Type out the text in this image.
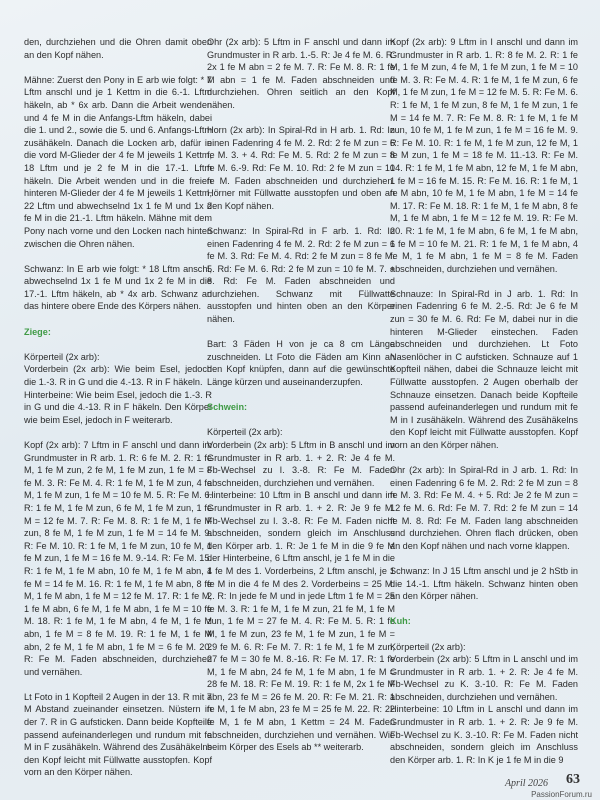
den, durchziehen und die Ohren damit oben an den Kopf nähen.

Mähne: Zuerst den Pony in E arb wie folgt: * 7 Lftm anschl und je 1 Kettm in die 6.-1. Lftm häkeln, ab * 6x arb. Dann die Arbeit wenden und 4 fe M in die Anfangs-Lftm häkeln, dabei die 1. und 2., sowie die 5. und 6. Anfangs-Lftm zusähäkeln. Danach die Locken arb, dafür in die vord M-Glieder der 4 fe M jeweils 1 Kettm, 18 Lftm und je 2 fe M in die 17.-1. Lftm häkeln. Die Arbeit wenden und in die freien hinteren M-Glieder der 4 fe M jeweils 1 Kettm, 22 Lftm und abwechselnd 1x 1 fe M und 1x 2 fe M in die 21.-1. Lftm häkeln. Mähne mit dem Pony nach vorne und den Locken nach hinten zwischen die Ohren nähen.

Schwanz: In E arb wie folgt: * 18 Lftm anschl, abwechselnd 1x 1 fe M und 1x 2 fe M in die 17.-1. Lftm häkeln, ab * 4x arb. Schwanz an das hintere obere Ende des Körpers nähen.

Ziege:

Körperteil (2x arb):

Vorderbein (2x arb): Wie beim Esel, jedoch die 1.-3. R in G und die 4.-13. R in F häkeln.

Hinterbeine: Wie beim Esel, jedoch die 1.-3. R in G und die 4.-13. R in F häkeln. Den Körper wie beim Esel, jedoch in F weiterarb.

Kopf (2x arb): 7 Lftm in F anschl und dann im Grundmuster in R arb. 1. R: 6 fe M. 2. R: 1 fe M, 1 fe M zun, 2 fe M, 1 fe M zun, 1 fe M = 8 fe M. 3. R: Fe M. 4. R: 1 fe M, 1 fe M zun, 4 fe M, 1 fe M zun, 1 fe M = 10 fe M. 5. R: Fe M. 6. R: 1 fe M, 1 fe M zun, 6 fe M, 1 fe M zun, 1 fe M = 12 fe M. 7. R: Fe M. 8. R: 1 fe M, 1 fe M zun, 8 fe M, 1 fe M zun, 1 fe M = 14 fe M. 9. R: Fe M. 10. R: 1 fe M, 1 fe M zun, 10 fe M, 1 fe M zun, 1 fe M = 16 fe M. 9.-14. R: Fe M. 15. R: 1 fe M, 1 fe M abn, 10 fe M, 1 fe M abn, 1 fe M = 14 fe M. 16. R: 1 fe M, 1 fe M abn, 8 fe M, 1 fe M abn, 1 fe M = 12 fe M. 17. R: 1 fe M, 1 fe M abn, 6 fe M, 1 fe M abn, 1 fe M = 10 fe M. 18. R: 1 fe M, 1 fe M abn, 4 fe M, 1 fe M abn, 1 fe M = 8 fe M. 19. R: 1 fe M, 1 fe M abn, 2 fe M, 1 fe M abn, 1 fe M = 6 fe M. 20. R: Fe M. Faden abschneiden, durchziehen und vernähen.

Lt Foto in 1 Kopfteil 2 Augen in der 13. R mit 7 M Abstand zueinander einsetzen. Nüstern in der 7. R in G aufsticken. Dann beide Kopfteile passend aufeinanderlegen und rundum mit fe M in F zusähäkeln. Während des Zusähäkelns den Kopf leicht mit Füllwatte ausstopfen. Kopf vorn an den Körper nähen.

Ohr (2x arb): 5 Lftm in F anschl und dann im Grundmuster in R arb. 1.-5. R: Je 4 fe M. 6. R: 2x 1 fe M abn = 2 fe M. 7. R: Fe M. 8. R: 1 fe M abn = 1 fe M. Faden abschneiden und durchziehen. Ohren seitlich an den Kopf nähen.

Horn (2x arb): In Spiral-Rd in H arb. 1. Rd: In einen Fadenring 4 fe M. 2. Rd: 2 fe M zun = 6 fe M. 3. + 4. Rd: Fe M. 5. Rd: 2 fe M zun = 8 fe M. 6.-9. Rd: Fe M. 10. Rd: 2 fe M zun = 10 fe M. Faden abschneiden und durchziehen. Hörner mit Füllwatte ausstopfen und oben an den Kopf nähen.

Schwanz: In Spiral-Rd in F arb. 1. Rd: In einen Fadenring 4 fe M. 2. Rd: 2 fe M zun = 6 fe M. 3. Rd: Fe M. 4. Rd: 2 fe M zun = 8 fe M. 5. Rd: Fe M. 6. Rd: 2 fe M zun = 10 fe M. 7. + 8. Rd: Fe M. Faden abschneiden und durchziehen. Schwanz mit Füllwatte ausstopfen und hinten oben an den Körper nähen.

Bart: 3 Fäden H von je ca 8 cm Länge zuschneiden. Lt Foto die Fäden am Kinn an den Kopf knüpfen, dann auf die gewünschte Länge kürzen und auseinanderzupfen.

Schwein:

Körperteil (2x arb):

Vorderbein (2x arb): 5 Lftm in B anschl und im Grundmuster in R arb. 1. + 2. R: Je 4 fe M. Fb-Wechsel zu I. 3.-8. R: Fe M. Faden abschneiden, durchziehen und vernähen.

Hinterbeine: 10 Lftm in B anschl und dann im Grundmuster in R arb. 1. + 2. R: Je 9 fe M. Fb-Wechsel zu I. 3.-8. R: Fe M. Faden nicht abschneiden, sondern gleich im Anschluss den Körper arb. 1. R: Je 1 fe M in die 9 fe M der Hinterbeine, 6 Lftm anschl, je 1 fe M in die 4 fe M des 1. Vorderbeins, 2 Lftm anschl, je 1 fe M in die 4 fe M des 2. Vorderbeins = 25 M. 2. R: In jede fe M und in jede Lftm 1 fe M = 25 fe M. 3. R: 1 fe M, 1 fe M zun, 21 fe M, 1 fe M zun, 1 fe M = 27 fe M. 4. R: Fe M. 5. R: 1 fe M, 1 fe M zun, 23 fe M, 1 fe M zun, 1 fe M = 29 fe M. 6. R: Fe M. 7. R: 1 fe M, 1 fe M zun, 27 fe M = 30 fe M. 8.-16. R: Fe M. 17. R: 1 fe M, 1 fe M abn, 24 fe M, 1 fe M abn, 1 fe M = 28 fe M. 18. R: Fe M. 19. R: 1 fe M, 2x 1 fe M abn, 23 fe M = 26 fe M. 20. R: Fe M. 21. R: 1 fe M, 1 fe M abn, 23 fe M = 25 fe M. 22. R: 22 fe M, 1 fe M abn, 1 Kettm = 24 M. Faden abschneiden, durchziehen und vernähen. Wie beim Körper des Esels ab ** weiterarb.

Kopf (2x arb): 9 Lftm in I anschl und dann im Grundmuster in R arb. 1. R: 8 fe M. 2. R: 1 fe M, 1 fe M zun, 4 fe M, 1 fe M zun, 1 fe M = 10 fe M. 3. R: Fe M. 4. R: 1 fe M, 1 fe M zun, 6 fe M, 1 fe M zun, 1 fe M = 12 fe M. 5. R: Fe M. 6. R: 1 fe M, 1 fe M zun, 8 fe M, 1 fe M zun, 1 fe M = 14 fe M. 7. R: Fe M. 8. R: 1 fe M, 1 fe M zun, 10 fe M, 1 fe M zun, 1 fe M = 16 fe M. 9. R: Fe M. 10. R: 1 fe M, 1 fe M zun, 12 fe M, 1 fe M zun, 1 fe M = 18 fe M. 11.-13. R: Fe M. 14. R: 1 fe M, 1 fe M abn, 12 fe M, 1 fe M abn, 1 fe M = 16 fe M. 15. R: Fe M. 16. R: 1 fe M, 1 fe M abn, 10 fe M, 1 fe M abn, 1 fe M = 14 fe M. 17. R: Fe M. 18. R: 1 fe M, 1 fe M abn, 8 fe M, 1 fe M abn, 1 fe M = 12 fe M. 19. R: Fe M. 20. R: 1 fe M, 1 fe M abn, 6 fe M, 1 fe M abn, 1 fe M = 10 fe M. 21. R: 1 fe M, 1 fe M abn, 4 fe M, 1 fe M abn, 1 fe M = 8 fe M. Faden abschneiden, durchziehen und vernähen.

Schnauze: In Spiral-Rd in J arb. 1. Rd: In einen Fadenring 6 fe M. 2.-5. Rd: Je 6 fe M zun = 30 fe M. 6. Rd: Fe M, dabei nur in die hinteren M-Glieder einstechen. Faden abschneiden und durchziehen. Lt Foto Nasenlöcher in C aufsticken. Schnauze auf 1 Kopfteil nähen, dabei die Schnauze leicht mit Füllwatte ausstopfen. 2 Augen oberhalb der Schnauze einsetzen. Danach beide Kopfteile passend aufeinanderlegen und rundum mit fe M in I zusähäkeln. Während des Zusähäkelns den Kopf leicht mit Füllwatte ausstopfen. Kopf vorn an den Körper nähen.

Ohr (2x arb): In Spiral-Rd in J arb. 1. Rd: In einen Fadenring 6 fe M. 2. Rd: 2 fe M zun = 8 fe M. 3. Rd: Fe M. 4. + 5. Rd: Je 2 fe M zun = 12 fe M. 6. Rd: Fe M. 7. Rd: 2 fe M zun = 14 fe M. 8. Rd: Fe M. Faden lang abschneiden und durchziehen. Ohren flach drücken, oben an den Kopf nähen und nach vorne klappen.

Schwanz: In J 15 Lftm anschl und je 2 hStb in die 14.-1. Lftm häkeln. Schwanz hinten oben an den Körper nähen.

Kuh:

Körperteil (2x arb):

Vorderbein (2x arb): 5 Lftm in L anschl und im Grundmuster in R arb. 1. + 2. R: Je 4 fe M. Fb-Wechsel zu K. 3.-10. R: Fe M. Faden abschneiden, durchziehen und vernähen.

Hinterbeine: 10 Lftm in L anschl und dann im Grundmuster in R arb. 1. + 2. R: Je 9 fe M. Fb-Wechsel zu K. 3.-10. R: Fe M. Faden nicht abschneiden, sondern gleich im Anschluss den Körper arb. 1. R: In K je 1 fe M in die 9

April 2026 63
PassionForum.ru
